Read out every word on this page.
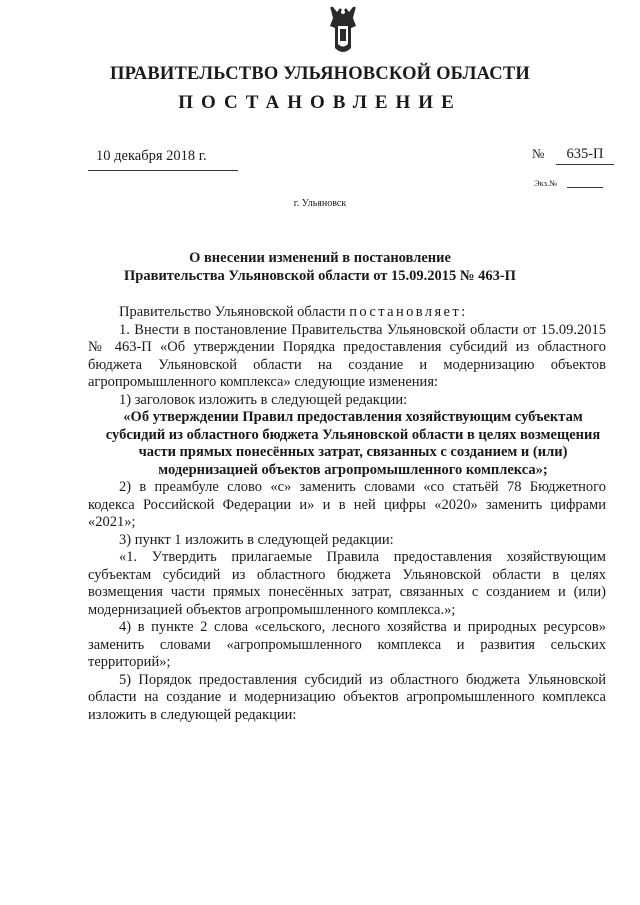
ПРАВИТЕЛЬСТВО УЛЬЯНОВСКОЙ ОБЛАСТИ
ПОСТАНОВЛЕНИЕ
10 декабря 2018 г.	№	635-П
Экз.№
г. Ульяновск
О внесении изменений в постановление
Правительства Ульяновской области от 15.09.2015 № 463-П

Правительство Ульяновской области постановляет:

1. Внести в постановление Правительства Ульяновской области от 15.09.2015 № 463-П «Об утверждении Порядка предоставления субсидий из областного бюджета Ульяновской области на создание и модернизацию объектов агропромышленного комплекса» следующие изменения:

1) заголовок изложить в следующей редакции:

«Об утверждении Правил предоставления хозяйствующим субъектам субсидий из областного бюджета Ульяновской области в целях возмещения части прямых понесённых затрат, связанных с созданием и (или) модернизацией объектов агропромышленного комплекса»;

2) в преамбуле слово «с» заменить словами «со статьёй 78 Бюджетного кодекса Российской Федерации и» и в ней цифры «2020» заменить цифрами «2021»;

3) пункт 1 изложить в следующей редакции:

«1. Утвердить прилагаемые Правила предоставления хозяйствующим субъектам субсидий из областного бюджета Ульяновской области в целях возмещения части прямых понесённых затрат, связанных с созданием и (или) модернизацией объектов агропромышленного комплекса.»;

4) в пункте 2 слова «сельского, лесного хозяйства и природных ресурсов» заменить словами «агропромышленного комплекса и развития сельских территорий»;

5) Порядок предоставления субсидий из областного бюджета Ульяновской области на создание и модернизацию объектов агропромышленного комплекса изложить в следующей редакции:
